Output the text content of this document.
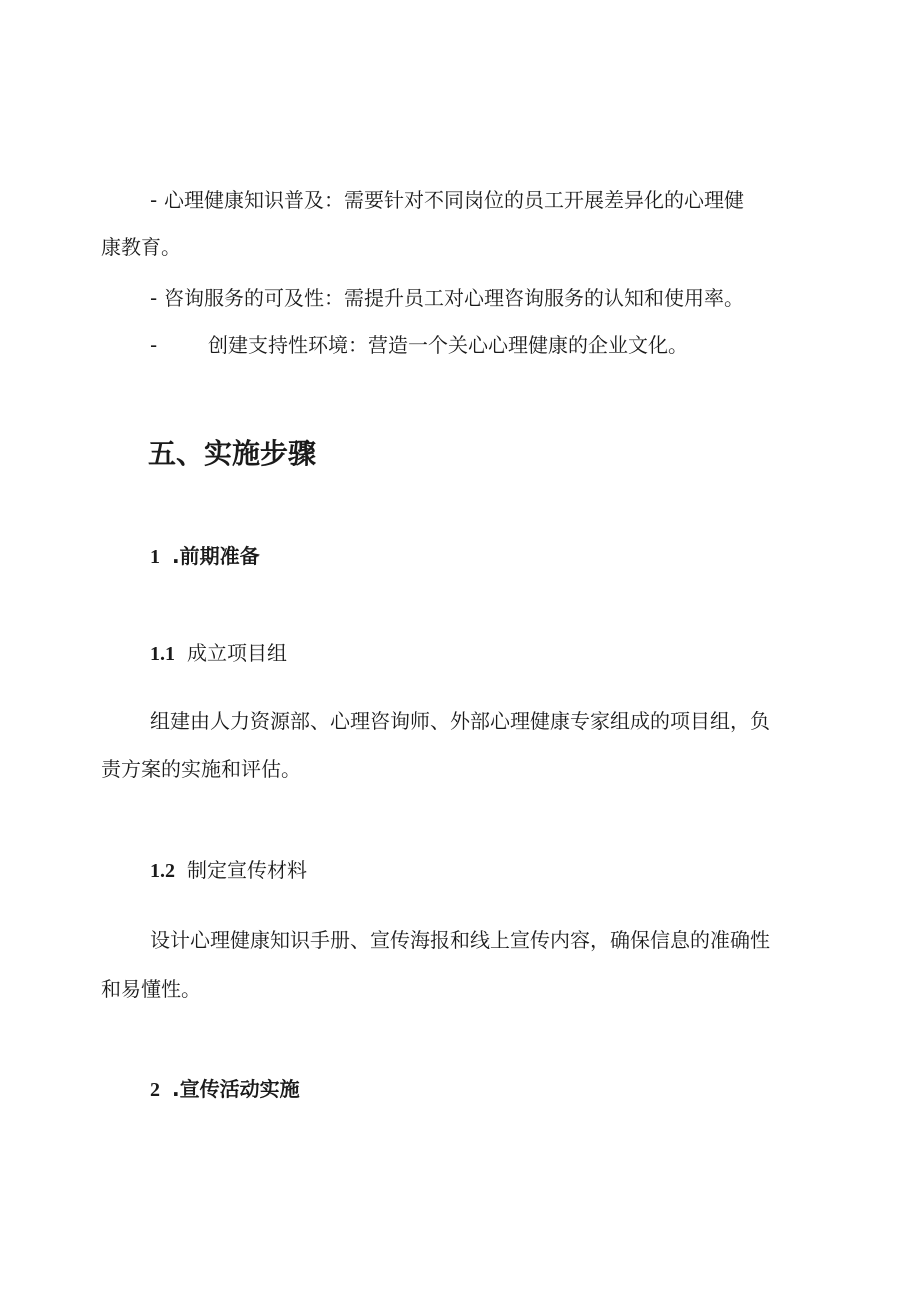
- 心理健康知识普及：需要针对不同岗位的员工开展差异化的心理健
康教育。
- 咨询服务的可及性：需提升员工对心理咨询服务的认知和使用率。
-	创建支持性环境：营造一个关心心理健康的企业文化。
五、实施步骤
1 .前期准备
1.1 成立项目组
组建由人力资源部、心理咨询师、外部心理健康专家组成的项目组，负
责方案的实施和评估。
1.2 制定宣传材料
设计心理健康知识手册、宣传海报和线上宣传内容，确保信息的准确性
和易懂性。
2 .宣传活动实施
